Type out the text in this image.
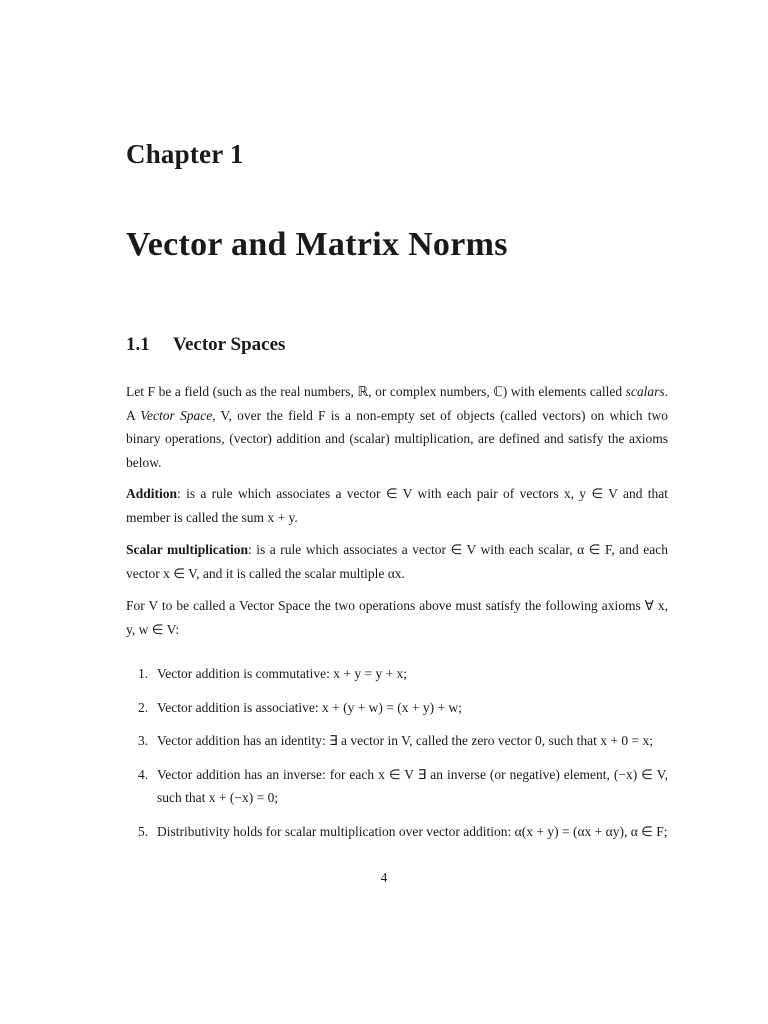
Chapter 1
Vector and Matrix Norms
1.1 Vector Spaces

Let F be a field (such as the real numbers, ℝ, or complex numbers, ℂ) with elements called scalars. A Vector Space, V, over the field F is a non-empty set of objects (called vectors) on which two binary operations, (vector) addition and (scalar) multiplication, are defined and satisfy the axioms below.

Addition: is a rule which associates a vector ∈ V with each pair of vectors x, y ∈ V and that member is called the sum x + y.

Scalar multiplication: is a rule which associates a vector ∈ V with each scalar, α ∈ F, and each vector x ∈ V, and it is called the scalar multiple αx.

For V to be called a Vector Space the two operations above must satisfy the following axioms ∀ x, y, w ∈ V:

1. Vector addition is commutative: x + y = y + x;
2. Vector addition is associative: x + (y + w) = (x + y) + w;
3. Vector addition has an identity: ∃ a vector in V, called the zero vector 0, such that x + 0 = x;
4. Vector addition has an inverse: for each x ∈ V ∃ an inverse (or negative) element, (−x) ∈ V, such that x + (−x) = 0;
5. Distributivity holds for scalar multiplication over vector addition: α(x + y) = (αx + αy), α ∈ F;
4
